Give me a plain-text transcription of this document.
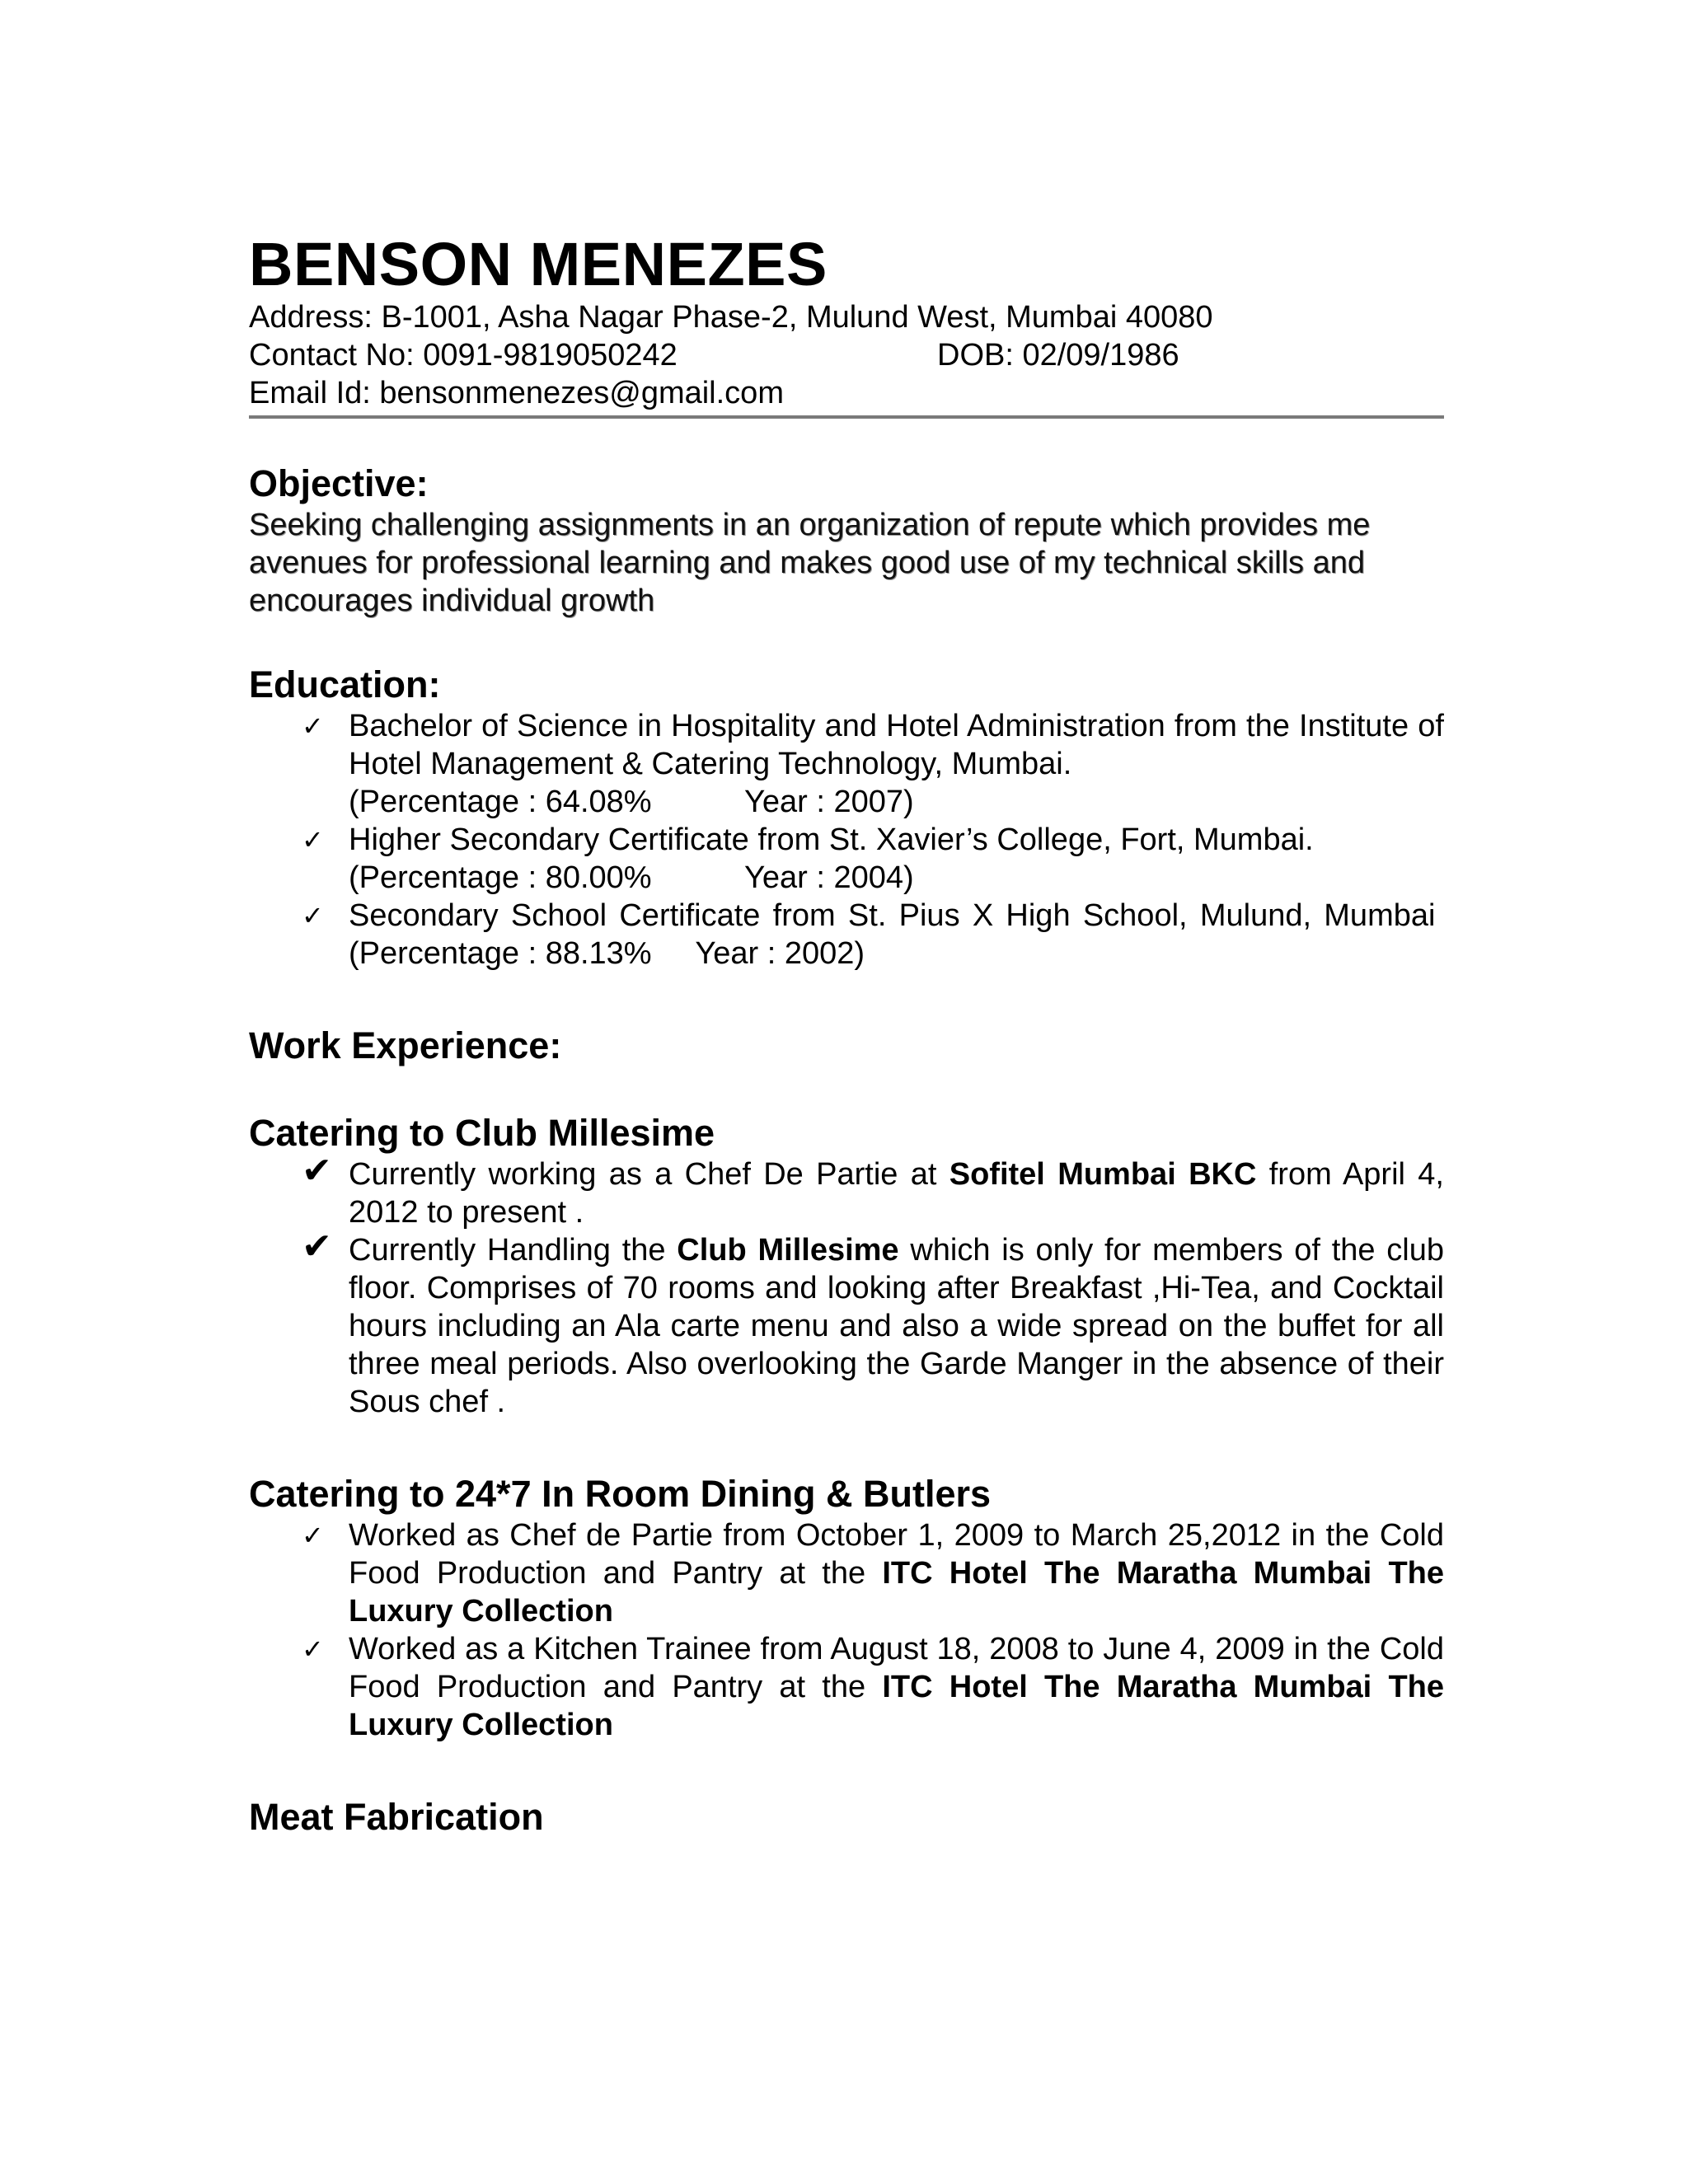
BENSON MENEZES
Address: B-1001, Asha Nagar Phase-2, Mulund West, Mumbai 40080
Contact No: 0091-9819050242	DOB: 02/09/1986
Email Id: bensonmenezes@gmail.com
Objective:
Seeking challenging assignments in an organization of repute which provides me avenues for professional learning and makes good use of my technical skills and encourages individual growth
Education:
✓ Bachelor of Science in Hospitality and Hotel Administration from the Institute of Hotel Management & Catering Technology, Mumbai.
(Percentage : 64.08%	Year : 2007)
✓ Higher Secondary Certificate from St. Xavier’s College, Fort, Mumbai.
(Percentage : 80.00%	Year : 2004)
✓ Secondary School Certificate from St. Pius X High School, Mulund, Mumbai  (Percentage : 88.13% Year : 2002)
Work Experience:
Catering to Club Millesime
✔ Currently working as a Chef De Partie at Sofitel Mumbai BKC from April 4, 2012 to present .
✔ Currently Handling the Club Millesime which is only for members of the club floor. Comprises of 70 rooms and looking after Breakfast ,Hi-Tea, and Cocktail hours including an Ala carte menu and also a wide spread on the buffet for all three meal periods. Also overlooking the Garde Manger in the absence of their Sous chef .
Catering to 24*7 In Room Dining & Butlers
✓ Worked as Chef de Partie from October 1, 2009 to March 25,2012 in the Cold Food Production and Pantry at the ITC Hotel The Maratha Mumbai The Luxury Collection
✓ Worked as a Kitchen Trainee from August 18, 2008 to June 4, 2009 in the Cold Food Production and Pantry at the ITC Hotel The Maratha Mumbai The Luxury Collection
Meat Fabrication
